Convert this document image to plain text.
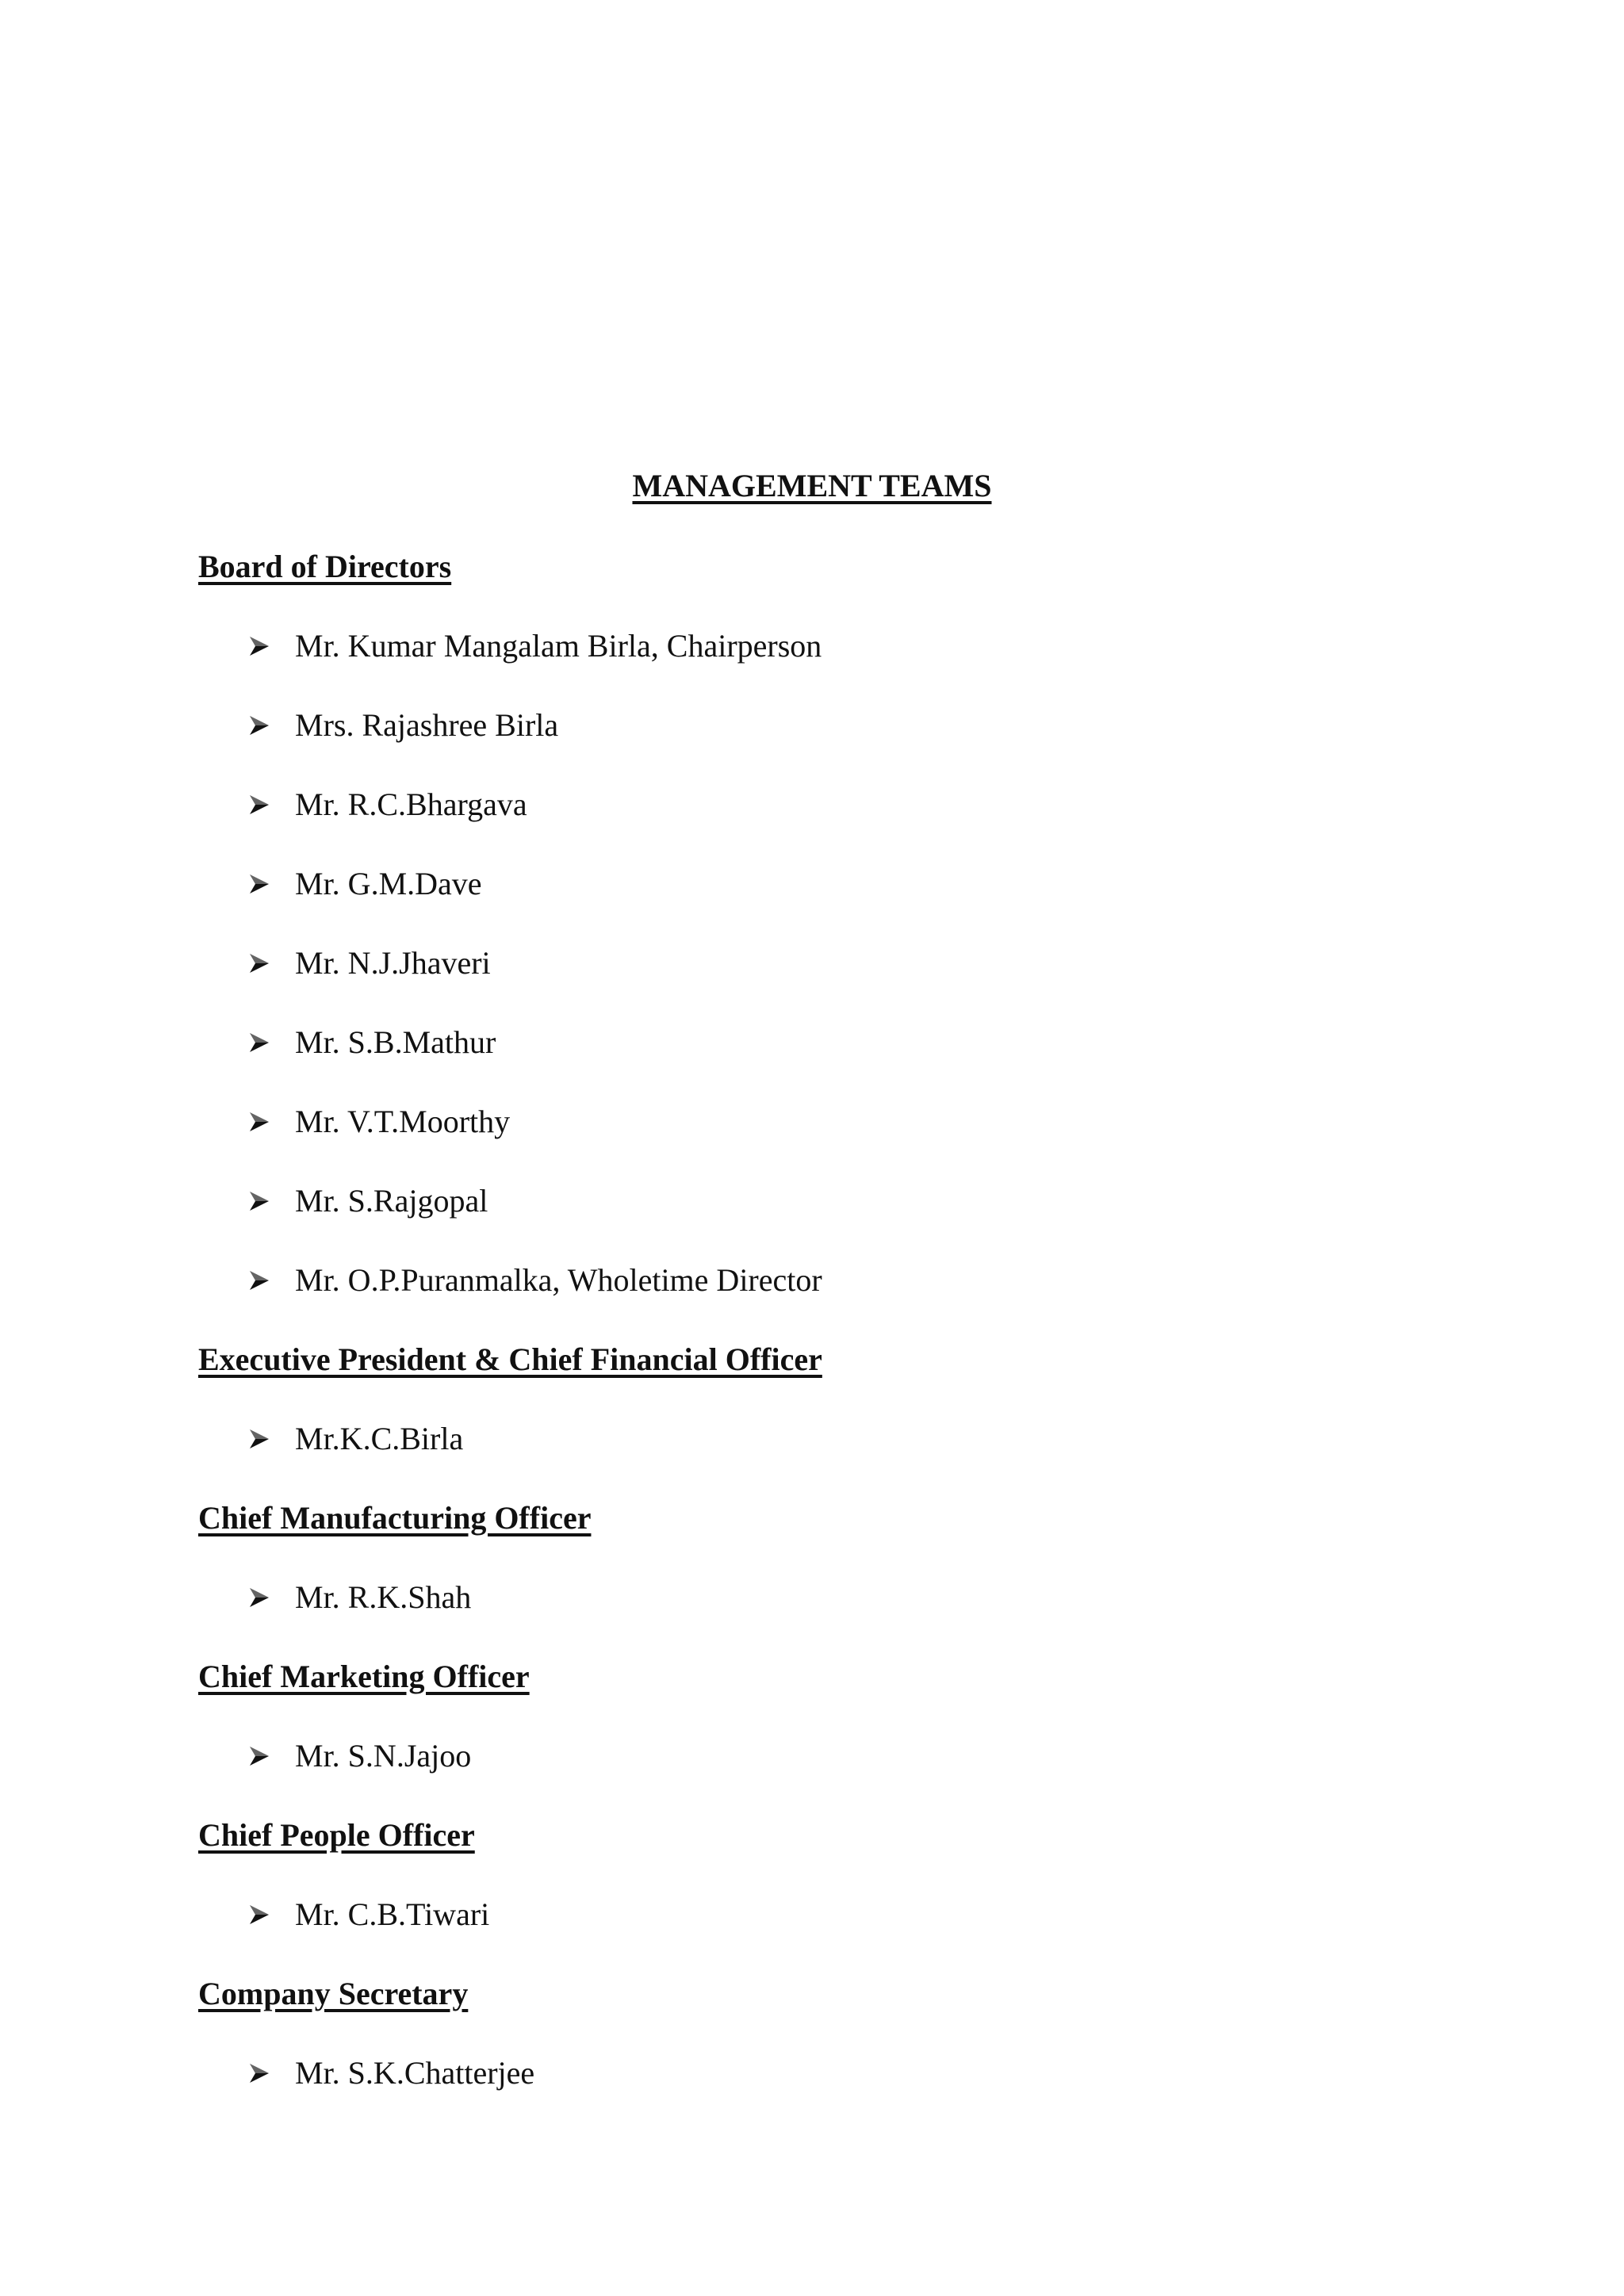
MANAGEMENT TEAMS
Board of Directors
Mr. Kumar Mangalam Birla, Chairperson
Mrs. Rajashree Birla
Mr. R.C.Bhargava
Mr. G.M.Dave
Mr. N.J.Jhaveri
Mr. S.B.Mathur
Mr. V.T.Moorthy
Mr. S.Rajgopal
Mr. O.P.Puranmalka, Wholetime Director
Executive President & Chief Financial Officer
Mr.K.C.Birla
Chief Manufacturing Officer
Mr. R.K.Shah
Chief Marketing Officer
Mr. S.N.Jajoo
Chief People Officer
Mr. C.B.Tiwari
Company Secretary
Mr. S.K.Chatterjee
